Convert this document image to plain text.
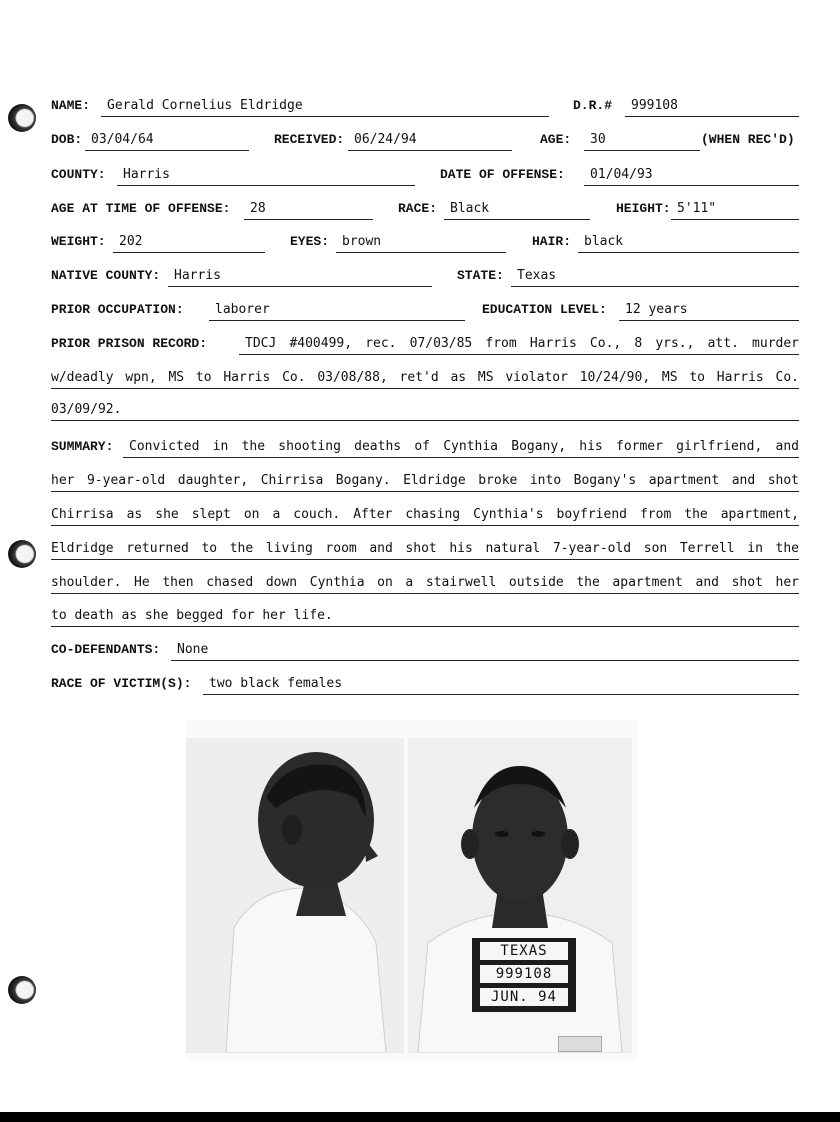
NAME:	Gerald Cornelius Eldridge	D.R.#	999108
DOB: 03/04/64	RECEIVED: 06/24/94	AGE:	30	(WHEN REC'D)
COUNTY:	Harris	DATE OF OFFENSE:	01/04/93
AGE AT TIME OF OFFENSE:	28	RACE: Black	HEIGHT: 5'11"
WEIGHT:	202	EYES: brown	HAIR: black
NATIVE COUNTY:	Harris	STATE:	Texas
PRIOR OCCUPATION:	laborer	EDUCATION LEVEL:	12 years
PRIOR PRISON RECORD:	TDCJ #400499, rec. 07/03/85 from Harris Co., 8 yrs., att. murder
w/deadly wpn, MS to Harris Co. 03/08/88, ret'd as MS violator 10/24/90, MS to Harris Co.
03/09/92.
SUMMARY:	Convicted in the shooting deaths of Cynthia Bogany, his former girlfriend, and
her 9-year-old daughter, Chirrisa Bogany. Eldridge broke into Bogany's apartment and shot
Chirrisa as she slept on a couch. After chasing Cynthia's boyfriend from the apartment,
Eldridge returned to the living room and shot his natural 7-year-old son Terrell in the
shoulder. He then chased down Cynthia on a stairwell outside the apartment and shot her
to death as she begged for her life.
CO-DEFENDANTS:	None
RACE OF VICTIM(S):	two black females
TEXAS
999108
JUN. 94
